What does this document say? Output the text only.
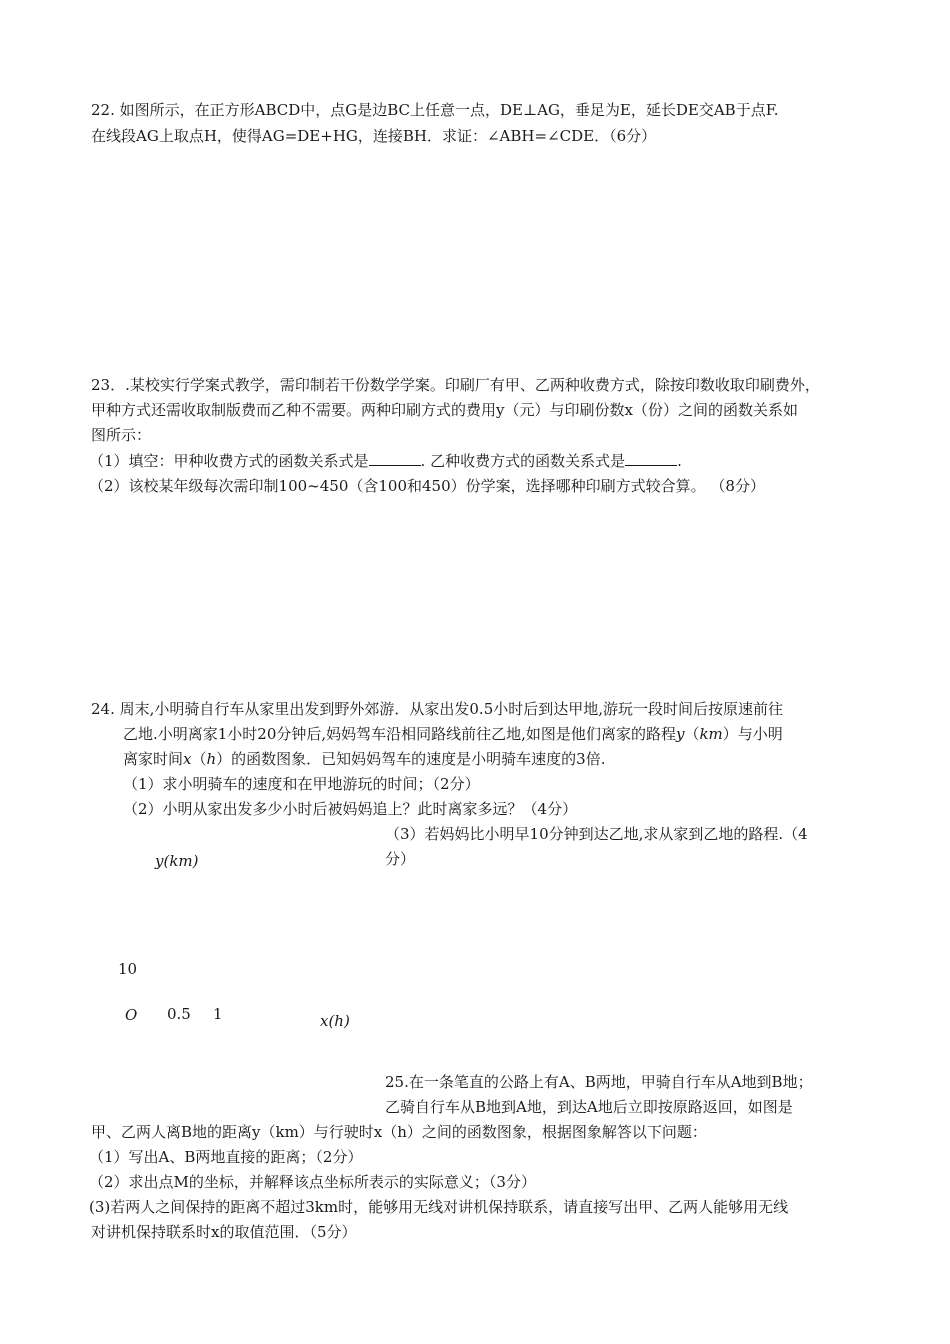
22. 如图所示，在正方形ABCD中，点G是边BC上任意一点，DE⊥AG，垂足为E，延长DE交AB于点F.
在线段AG上取点H，使得AG=DE+HG，连接BH．求证：∠ABH=∠CDE．（6分）
23．.某校实行学案式教学，需印制若干份数学学案。印刷厂有甲、乙两种收费方式，除按印数收取印刷费外，
甲种方式还需收取制版费而乙种不需要。两种印刷方式的费用y（元）与印刷份数x（份）之间的函数关系如
图所示：
（1）填空：甲种收费方式的函数关系式是	. 乙种收费方式的函数关系式是	.
（2）该校某年级每次需印制100~450（含100和450）份学案，选择哪种印刷方式较合算。 （8分）
24. 周末,小明骑自行车从家里出发到野外郊游．从家出发0.5小时后到达甲地,游玩一段时间后按原速前往
乙地.小明离家1小时20分钟后,妈妈驾车沿相同路线前往乙地,如图是他们离家的路程y（km）与小明
离家时间x（h）的函数图象．已知妈妈驾车的速度是小明骑车速度的3倍.
（1）求小明骑车的速度和在甲地游玩的时间；（2分）
（2）小明从家出发多少小时后被妈妈追上？此时离家多远？（4分）
（3）若妈妈比小明早10分钟到达乙地,求从家到乙地的路程.（4
分）
y(km)
10
O 0.5 1	x(h)
25.在一条笔直的公路上有A、B两地，甲骑自行车从A地到B地；
乙骑自行车从B地到A地，到达A地后立即按原路返回，如图是
甲、乙两人离B地的距离y（km）与行驶时x（h）之间的函数图象，根据图象解答以下问题：
（1）写出A、B两地直接的距离；（2分）
（2）求出点M的坐标，并解释该点坐标所表示的实际意义；（3分）
(3)若两人之间保持的距离不超过3km时，能够用无线对讲机保持联系，请直接写出甲、乙两人能够用无线
对讲机保持联系时x的取值范围．（5分）
